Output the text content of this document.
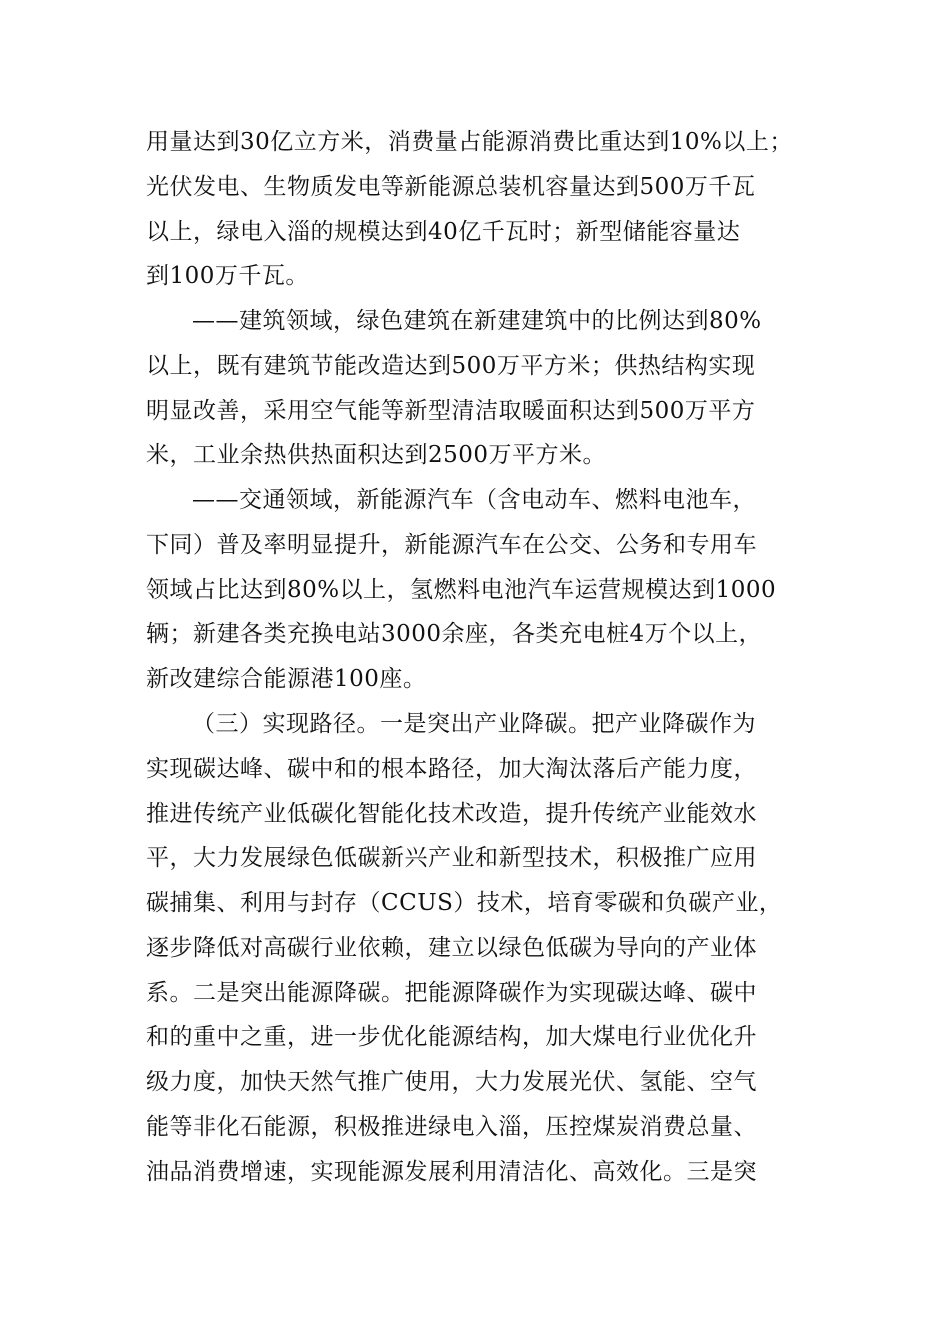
用量达到30亿立方米，消费量占能源消费比重达到10%以上；
光伏发电、生物质发电等新能源总装机容量达到500万千瓦
以上，绿电入淄的规模达到40亿千瓦时；新型储能容量达
到100万千瓦。
——建筑领域，绿色建筑在新建建筑中的比例达到80%
以上，既有建筑节能改造达到500万平方米；供热结构实现
明显改善，采用空气能等新型清洁取暖面积达到500万平方
米，工业余热供热面积达到2500万平方米。
——交通领域，新能源汽车（含电动车、燃料电池车，
下同）普及率明显提升，新能源汽车在公交、公务和专用车
领域占比达到80%以上，氢燃料电池汽车运营规模达到1000
辆；新建各类充换电站3000余座，各类充电桩4万个以上，
新改建综合能源港100座。
（三）实现路径。一是突出产业降碳。把产业降碳作为
实现碳达峰、碳中和的根本路径，加大淘汰落后产能力度，
推进传统产业低碳化智能化技术改造，提升传统产业能效水
平，大力发展绿色低碳新兴产业和新型技术，积极推广应用
碳捕集、利用与封存（CCUS）技术，培育零碳和负碳产业，
逐步降低对高碳行业依赖，建立以绿色低碳为导向的产业体
系。二是突出能源降碳。把能源降碳作为实现碳达峰、碳中
和的重中之重，进一步优化能源结构，加大煤电行业优化升
级力度，加快天然气推广使用，大力发展光伏、氢能、空气
能等非化石能源，积极推进绿电入淄，压控煤炭消费总量、
油品消费增速，实现能源发展利用清洁化、高效化。三是突
